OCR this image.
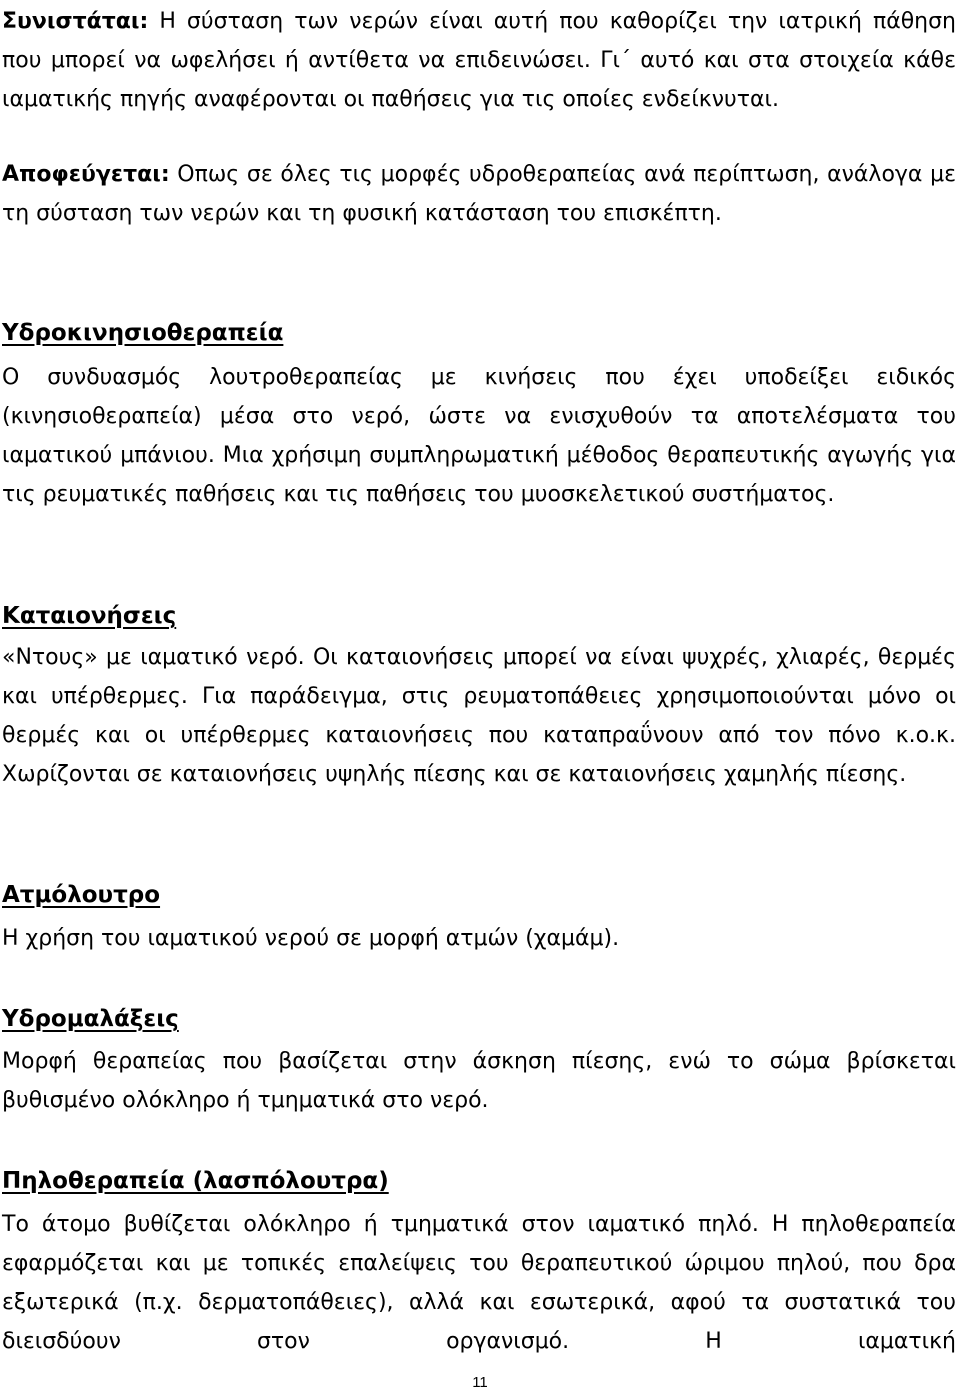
Συνιστάται: Η σύσταση των νερών είναι αυτή που καθορίζει την ιατρική πάθηση που μπορεί να ωφελήσει ή αντίθετα να επιδεινώσει. Γι΄ αυτό και στα στοιχεία κάθε ιαματικής πηγής αναφέρονται οι παθήσεις για τις οποίες ενδείκνυται.

Αποφεύγεται: Οπως σε όλες τις μορφές υδροθεραπείας ανά περίπτωση, ανάλογα με τη σύσταση των νερών και τη φυσική κατάσταση του επισκέπτη.

Υδροκινησιοθεραπεία

Ο συνδυασμός λουτροθεραπείας με κινήσεις που έχει υποδείξει ειδικός (κινησιοθεραπεία) μέσα στο νερό, ώστε να ενισχυθούν τα αποτελέσματα του ιαματικού μπάνιου. Μια χρήσιμη συμπληρωματική μέθοδος θεραπευτικής αγωγής για τις ρευματικές παθήσεις και τις παθήσεις του μυοσκελετικού συστήματος.

Καταιονήσεις

«Ντους» με ιαματικό νερό. Οι καταιονήσεις μπορεί να είναι ψυχρές, χλιαρές, θερμές και υπέρθερμες. Για παράδειγμα, στις ρευματοπάθειες χρησιμοποιούνται μόνο οι θερμές και οι υπέρθερμες καταιονήσεις που καταπραΰνουν από τον πόνο κ.ο.κ. Χωρίζονται σε καταιονήσεις υψηλής πίεσης και σε καταιονήσεις χαμηλής πίεσης.

Ατμόλουτρο

Η χρήση του ιαματικού νερού σε μορφή ατμών (χαμάμ).

Υδρομαλάξεις

Μορφή θεραπείας που βασίζεται στην άσκηση πίεσης, ενώ το σώμα βρίσκεται βυθισμένο ολόκληρο ή τμηματικά στο νερό.

Πηλοθεραπεία (λασπόλουτρα)

Το άτομο βυθίζεται ολόκληρο ή τμηματικά στον ιαματικό πηλό. Η πηλοθεραπεία εφαρμόζεται και με τοπικές επαλείψεις του θεραπευτικού ώριμου πηλού, που δρα εξωτερικά (π.χ. δερματοπάθειες), αλλά και εσωτερικά, αφού τα συστατικά του διεισδύουν στον οργανισμό. Η ιαματική

11
